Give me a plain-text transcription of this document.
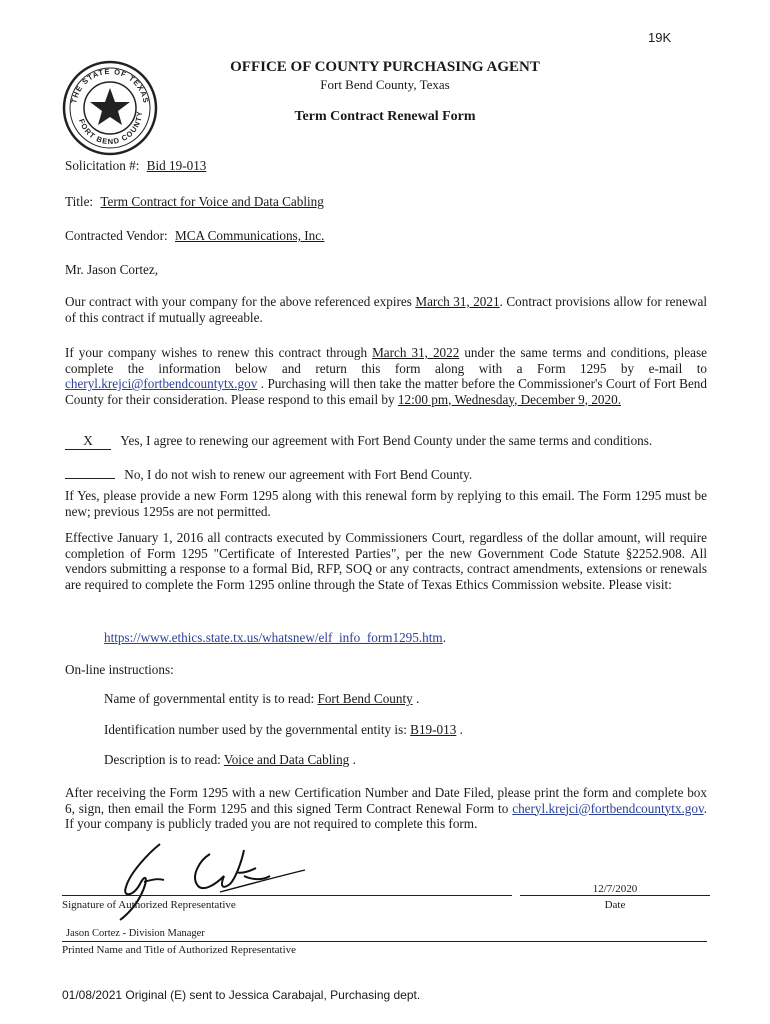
19K
THE STATE OF TEXAS
FORT BEND COUNTY
OFFICE OF COUNTY PURCHASING AGENT
Fort Bend County, Texas
Term Contract Renewal Form
Solicitation #: Bid 19-013
Title: Term Contract for Voice and Data Cabling
Contracted Vendor: MCA Communications, Inc.
Mr. Jason Cortez,

Our contract with your company for the above referenced expires March 31, 2021. Contract provisions allow for renewal of this contract if mutually agreeable.

If your company wishes to renew this contract through March 31, 2022 under the same terms and conditions, please complete the information below and return this form along with a Form 1295 by e-mail to cheryl.krejci@fortbendcountytx.gov . Purchasing will then take the matter before the Commissioner's Court of Fort Bend County for their consideration. Please respond to this email by 12:00 pm, Wednesday, December 9, 2020.

X Yes, I agree to renewing our agreement with Fort Bend County under the same terms and conditions.
No, I do not wish to renew our agreement with Fort Bend County.

If Yes, please provide a new Form 1295 along with this renewal form by replying to this email. The Form 1295 must be new; previous 1295s are not permitted.

Effective January 1, 2016 all contracts executed by Commissioners Court, regardless of the dollar amount, will require completion of Form 1295 "Certificate of Interested Parties", per the new Government Code Statute §2252.908. All vendors submitting a response to a formal Bid, RFP, SOQ or any contracts, contract amendments, extensions or renewals are required to complete the Form 1295 online through the State of Texas Ethics Commission website. Please visit:

https://www.ethics.state.tx.us/whatsnew/elf_info_form1295.htm.
On-line instructions:
Name of governmental entity is to read: Fort Bend County .
Identification number used by the governmental entity is: B19-013 .
Description is to read: Voice and Data Cabling .

After receiving the Form 1295 with a new Certification Number and Date Filed, please print the form and complete box 6, sign, then email the Form 1295 and this signed Term Contract Renewal Form to cheryl.krejci@fortbendcountytx.gov. If your company is publicly traded you are not required to complete this form.

Signature of Authorized Representative
12/7/2020
Date
Jason Cortez - Division Manager
Printed Name and Title of Authorized Representative
01/08/2021 Original (E) sent to Jessica Carabajal, Purchasing dept.
